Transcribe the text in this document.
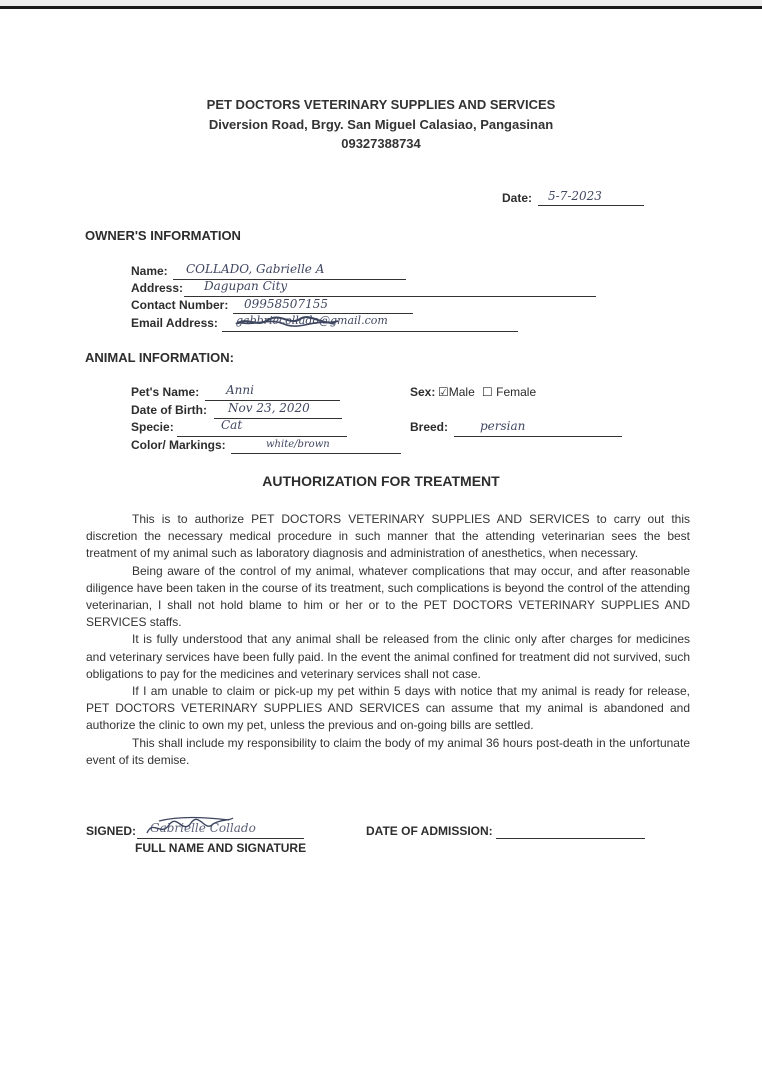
PET DOCTORS VETERINARY SUPPLIES AND SERVICES
Diversion Road, Brgy. San Miguel Calasiao, Pangasinan
09327388734
Date: 5-7-2023
OWNER'S INFORMATION
Name: COLLADO, Gabrielle A
Address: Dagupan City
Contact Number: 09958507155
Email Address: gabbriecollado@gmail.com
ANIMAL INFORMATION:
Pet's Name: Anni
Date of Birth: Nov 23, 2020
Specie:	Cat
Color/ Markings:	white/brown
Sex: ☑Male ☐ Female
Breed:	persian
AUTHORIZATION FOR TREATMENT

This is to authorize PET DOCTORS VETERINARY SUPPLIES AND SERVICES to carry out this discretion the necessary medical procedure in such manner that the attending veterinarian sees the best treatment of my animal such as laboratory diagnosis and administration of anesthetics, when necessary.

Being aware of the control of my animal, whatever complications that may occur, and after reasonable diligence have been taken in the course of its treatment, such complications is beyond the control of the attending veterinarian, I shall not hold blame to him or her or to the PET DOCTORS VETERINARY SUPPLIES AND SERVICES staffs.

It is fully understood that any animal shall be released from the clinic only after charges for medicines and veterinary services have been fully paid. In the event the animal confined for treatment did not survived, such obligations to pay for the medicines and veterinary services shall not case.

If I am unable to claim or pick-up my pet within 5 days with notice that my animal is ready for release, PET DOCTORS VETERINARY SUPPLIES AND SERVICES can assume that my animal is abandoned and authorize the clinic to own my pet, unless the previous and on-going bills are settled.

This shall include my responsibility to claim the body of my animal 36 hours post-death in the unfortunate event of its demise.

SIGNED: Gabrielle Collado
FULL NAME AND SIGNATURE
DATE OF ADMISSION:
